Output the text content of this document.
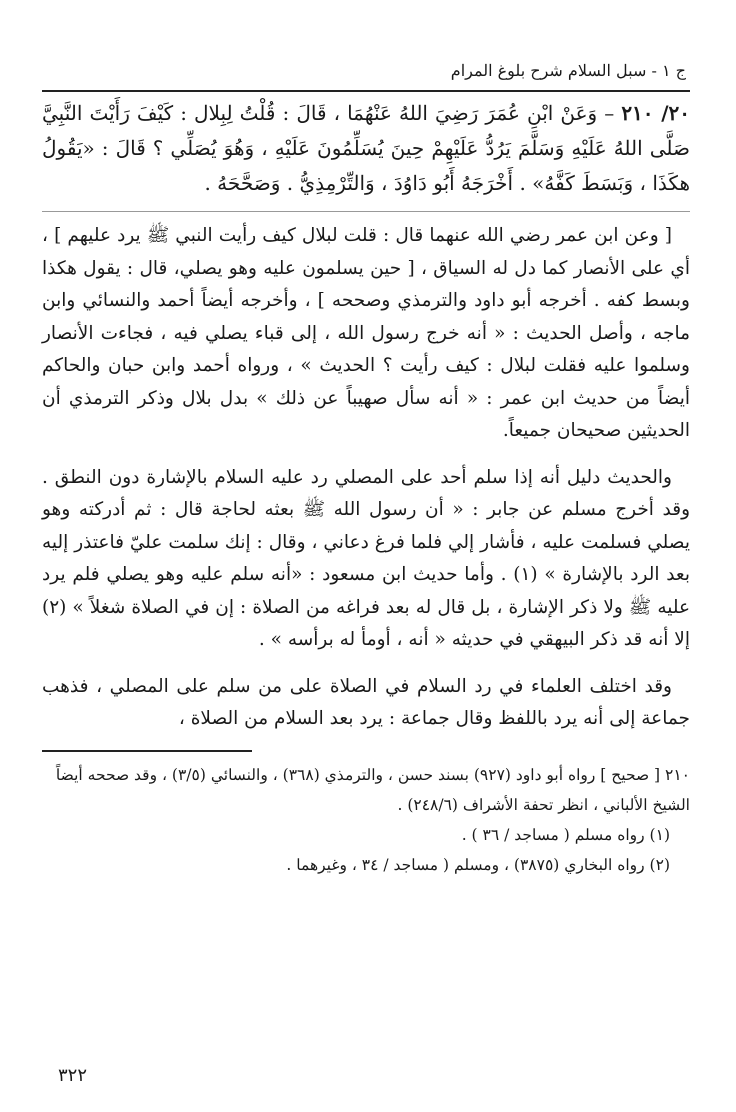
ج ١ - سبل السلام شرح بلوغ المرام

٢٠/ ٢١٠ – وَعَنْ ابْنِ عُمَرَ رَضِيَ اللهُ عَنْهُمَا ، قَالَ : قُلْتُ لِبِلال : كَيْفَ رَأَيْتَ النَّبِيَّ صَلَّى اللهُ عَلَيْهِ وَسَلَّمَ يَرُدُّ عَلَيْهِمْ حِينَ يُسَلِّمُونَ عَلَيْهِ ، وَهُوَ يُصَلِّي ؟ قَالَ : «يَقُولُ هكَذَا ، وَبَسَطَ كَفَّهُ» . أَخْرَجَهُ أَبُو دَاوُدَ ، وَالتِّرْمِذِيُّ . وَصَحَّحَهُ .

[ وعن ابن عمر رضي الله عنهما قال : قلت لبلال كيف رأيت النبي ﷺ يرد عليهم ] ، أي على الأنصار كما دل له السياق ، [ حين يسلمون عليه وهو يصلي، قال : يقول هكذا وبسط كفه . أخرجه أبو داود والترمذي وصححه ] ، وأخرجه أيضاً أحمد والنسائي وابن ماجه ، وأصل الحديث : « أنه خرج رسول الله ، إلى قباء يصلي فيه ، فجاءت الأنصار وسلموا عليه فقلت لبلال : كيف رأيت ؟ الحديث » ، ورواه أحمد وابن حبان والحاكم أيضاً من حديث ابن عمر : « أنه سأل صهيباً عن ذلك » بدل بلال وذكر الترمذي أن الحديثين صحيحان جميعاً.

والحديث دليل أنه إذا سلم أحد على المصلي رد عليه السلام بالإشارة دون النطق . وقد أخرج مسلم عن جابر : « أن رسول الله ﷺ بعثه لحاجة قال : ثم أدركته وهو يصلي فسلمت عليه ، فأشار إلي فلما فرغ دعاني ، وقال : إنك سلمت عليّ فاعتذر إليه بعد الرد بالإشارة » (١) . وأما حديث ابن مسعود : «أنه سلم عليه وهو يصلي فلم يرد عليه ﷺ ولا ذكر الإشارة ، بل قال له بعد فراغه من الصلاة : إن في الصلاة شغلاً » (٢) إلا أنه قد ذكر البيهقي في حديثه « أنه ، أومأ له برأسه » .

وقد اختلف العلماء في رد السلام في الصلاة على من سلم على المصلي ، فذهب جماعة إلى أنه يرد باللفظ وقال جماعة : يرد بعد السلام من الصلاة ،

٢١٠ [ صحيح ] رواه أبو داود (٩٢٧) بسند حسن ، والترمذي (٣٦٨) ، والنسائي (٣/٥) ، وقد صححه أيضاً الشيخ الألباني ، انظر تحفة الأشراف (٢٤٨/٦) .

(١) رواه مسلم ( مساجد / ٣٦ ) .

(٢) رواه البخاري (٣٨٧٥) ، ومسلم ( مساجد / ٣٤ ، وغيرهما .

٣٢٢
